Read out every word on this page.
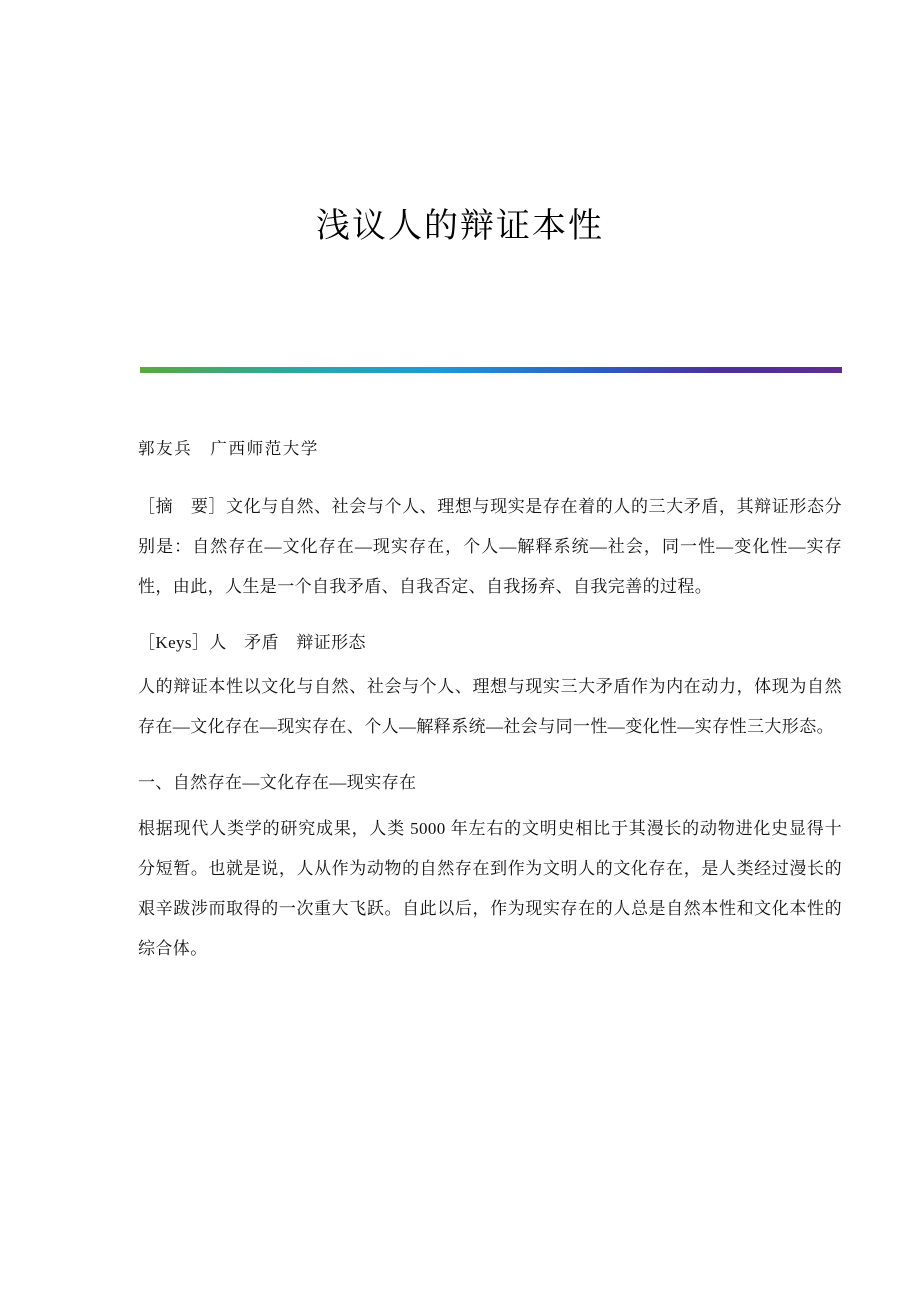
浅议人的辩证本性

郭友兵　广西师范大学

［摘　要］文化与自然、社会与个人、理想与现实是存在着的人的三大矛盾，其辩证形态分别是：自然存在—文化存在—现实存在，个人—解释系统—社会，同一性—变化性—实存性，由此，人生是一个自我矛盾、自我否定、自我扬弃、自我完善的过程。

［Keys］人　矛盾　辩证形态

人的辩证本性以文化与自然、社会与个人、理想与现实三大矛盾作为内在动力，体现为自然存在—文化存在—现实存在、个人—解释系统—社会与同一性—变化性—实存性三大形态。

一、自然存在—文化存在—现实存在

根据现代人类学的研究成果，人类 5000 年左右的文明史相比于其漫长的动物进化史显得十分短暂。也就是说，人从作为动物的自然存在到作为文明人的文化存在，是人类经过漫长的艰辛跋涉而取得的一次重大飞跃。自此以后，作为现实存在的人总是自然本性和文化本性的综合体。
